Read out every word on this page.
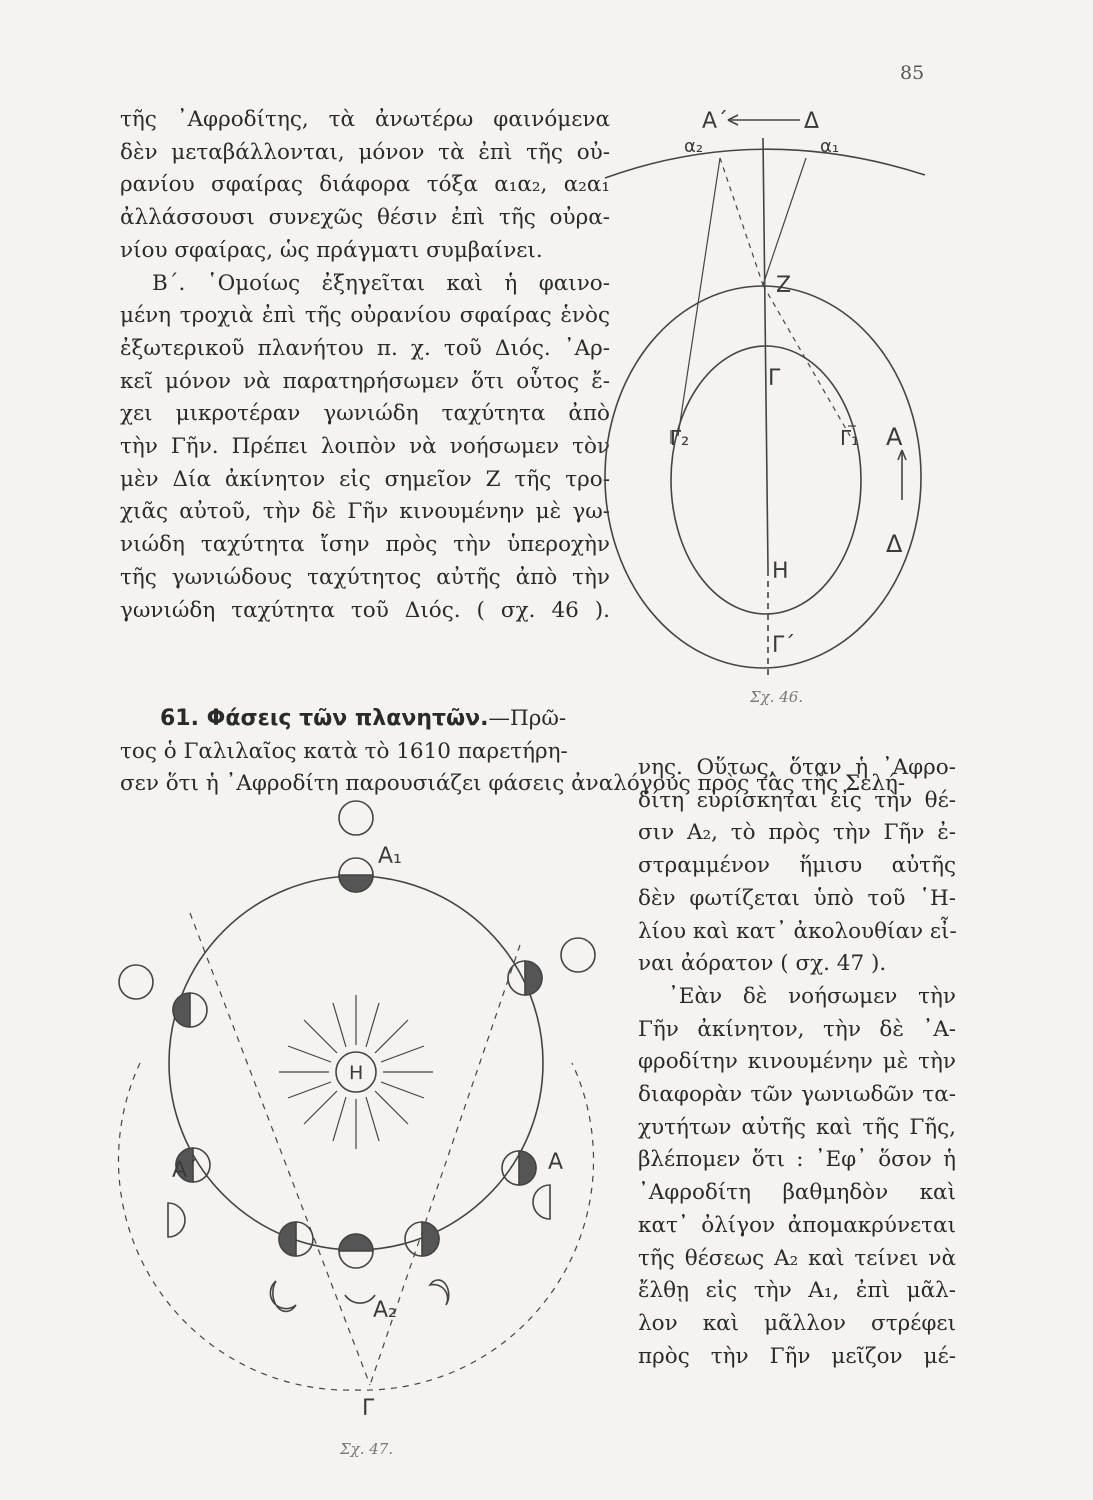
85
τῆς ᾿Αφροδίτης, τὰ ἀνωτέρω φαινόμενα
δὲν μεταβάλλονται, μόνον τὰ ἐπὶ τῆς οὐ-
ρανίου σφαίρας διάφορα τόξα α₁α₂, α₂α₁
ἀλλάσσουσι συνεχῶς θέσιν ἐπὶ τῆς οὐρα-
νίου σφαίρας, ὡς πράγματι συμβαίνει.
Β΄. ῾Ομοίως ἐξηγεῖται καὶ ἡ φαινο-
μένη τροχιὰ ἐπὶ τῆς οὐρανίου σφαίρας ἑνὸς
ἐξωτερικοῦ πλανήτου π. χ. τοῦ Διός. ᾿Αρ-
κεῖ μόνον νὰ παρατηρήσωμεν ὅτι οὗτος ἔ-
χει μικροτέραν γωνιώδη ταχύτητα ἀπὸ
τὴν Γῆν. Πρέπει λοιπὸν νὰ νοήσωμεν τὸν
μὲν Δία ἀκίνητον εἰς σημεῖον Ζ τῆς τρο-
χιᾶς αὐτοῦ, τὴν δὲ Γῆν κινουμένην μὲ γω-
νιώδη ταχύτητα ἴσην πρὸς τὴν ὑπεροχὴν
τῆς γωνιώδους ταχύτητος αὐτῆς ἀπὸ τὴν
γωνιώδη ταχύτητα τοῦ Διός. ( σχ. 46 ).
61. Φάσεις τῶν πλανητῶν.—Πρῶ-
τος ὁ Γαλιλαῖος κατὰ τὸ 1610 παρετήρη-
σεν ὅτι ἡ ᾿Αφροδίτη παρουσιάζει φάσεις ἀναλόγους πρὸς τὰς τῆς Σελή-
νης. Οὕτως, ὅταν ἡ ᾿Αφρο-
δίτη εὑρίσκηται εἰς τὴν θέ-
σιν Α₂, τὸ πρὸς τὴν Γῆν ἐ-
στραμμένον ἥμισυ αὐτῆς
δὲν φωτίζεται ὑπὸ τοῦ ῾Η-
λίου καὶ κατ᾿ ἀκολουθίαν εἶ-
ναι ἀόρατον ( σχ. 47 ).
᾿Εὰν δὲ νοήσωμεν τὴν
Γῆν ἀκίνητον, τὴν δὲ ᾿Α-
φροδίτην κινουμένην μὲ τὴν
διαφορὰν τῶν γωνιωδῶν τα-
χυτήτων αὐτῆς καὶ τῆς Γῆς,
βλέπομεν ὅτι : ᾿Εφ᾿ ὅσον ἡ
᾿Αφροδίτη βαθμηδὸν καὶ
κατ᾿ ὀλίγον ἀπομακρύνεται
τῆς θέσεως Α₂ καὶ τείνει νὰ
ἔλθῃ εἰς τὴν Α₁, ἐπὶ μᾶλ-
λον καὶ μᾶλλον στρέφει
πρὸς τὴν Γῆν μεῖζον μέ-
Α΄	Δ
α₂	α₁
Ζ
Γ
Γ₂	Γ₁ Α
Δ
Η
Γ΄
Σχ. 46.
Α₁
Η
Α΄	Α
Α₂
Γ
Σχ. 47.
